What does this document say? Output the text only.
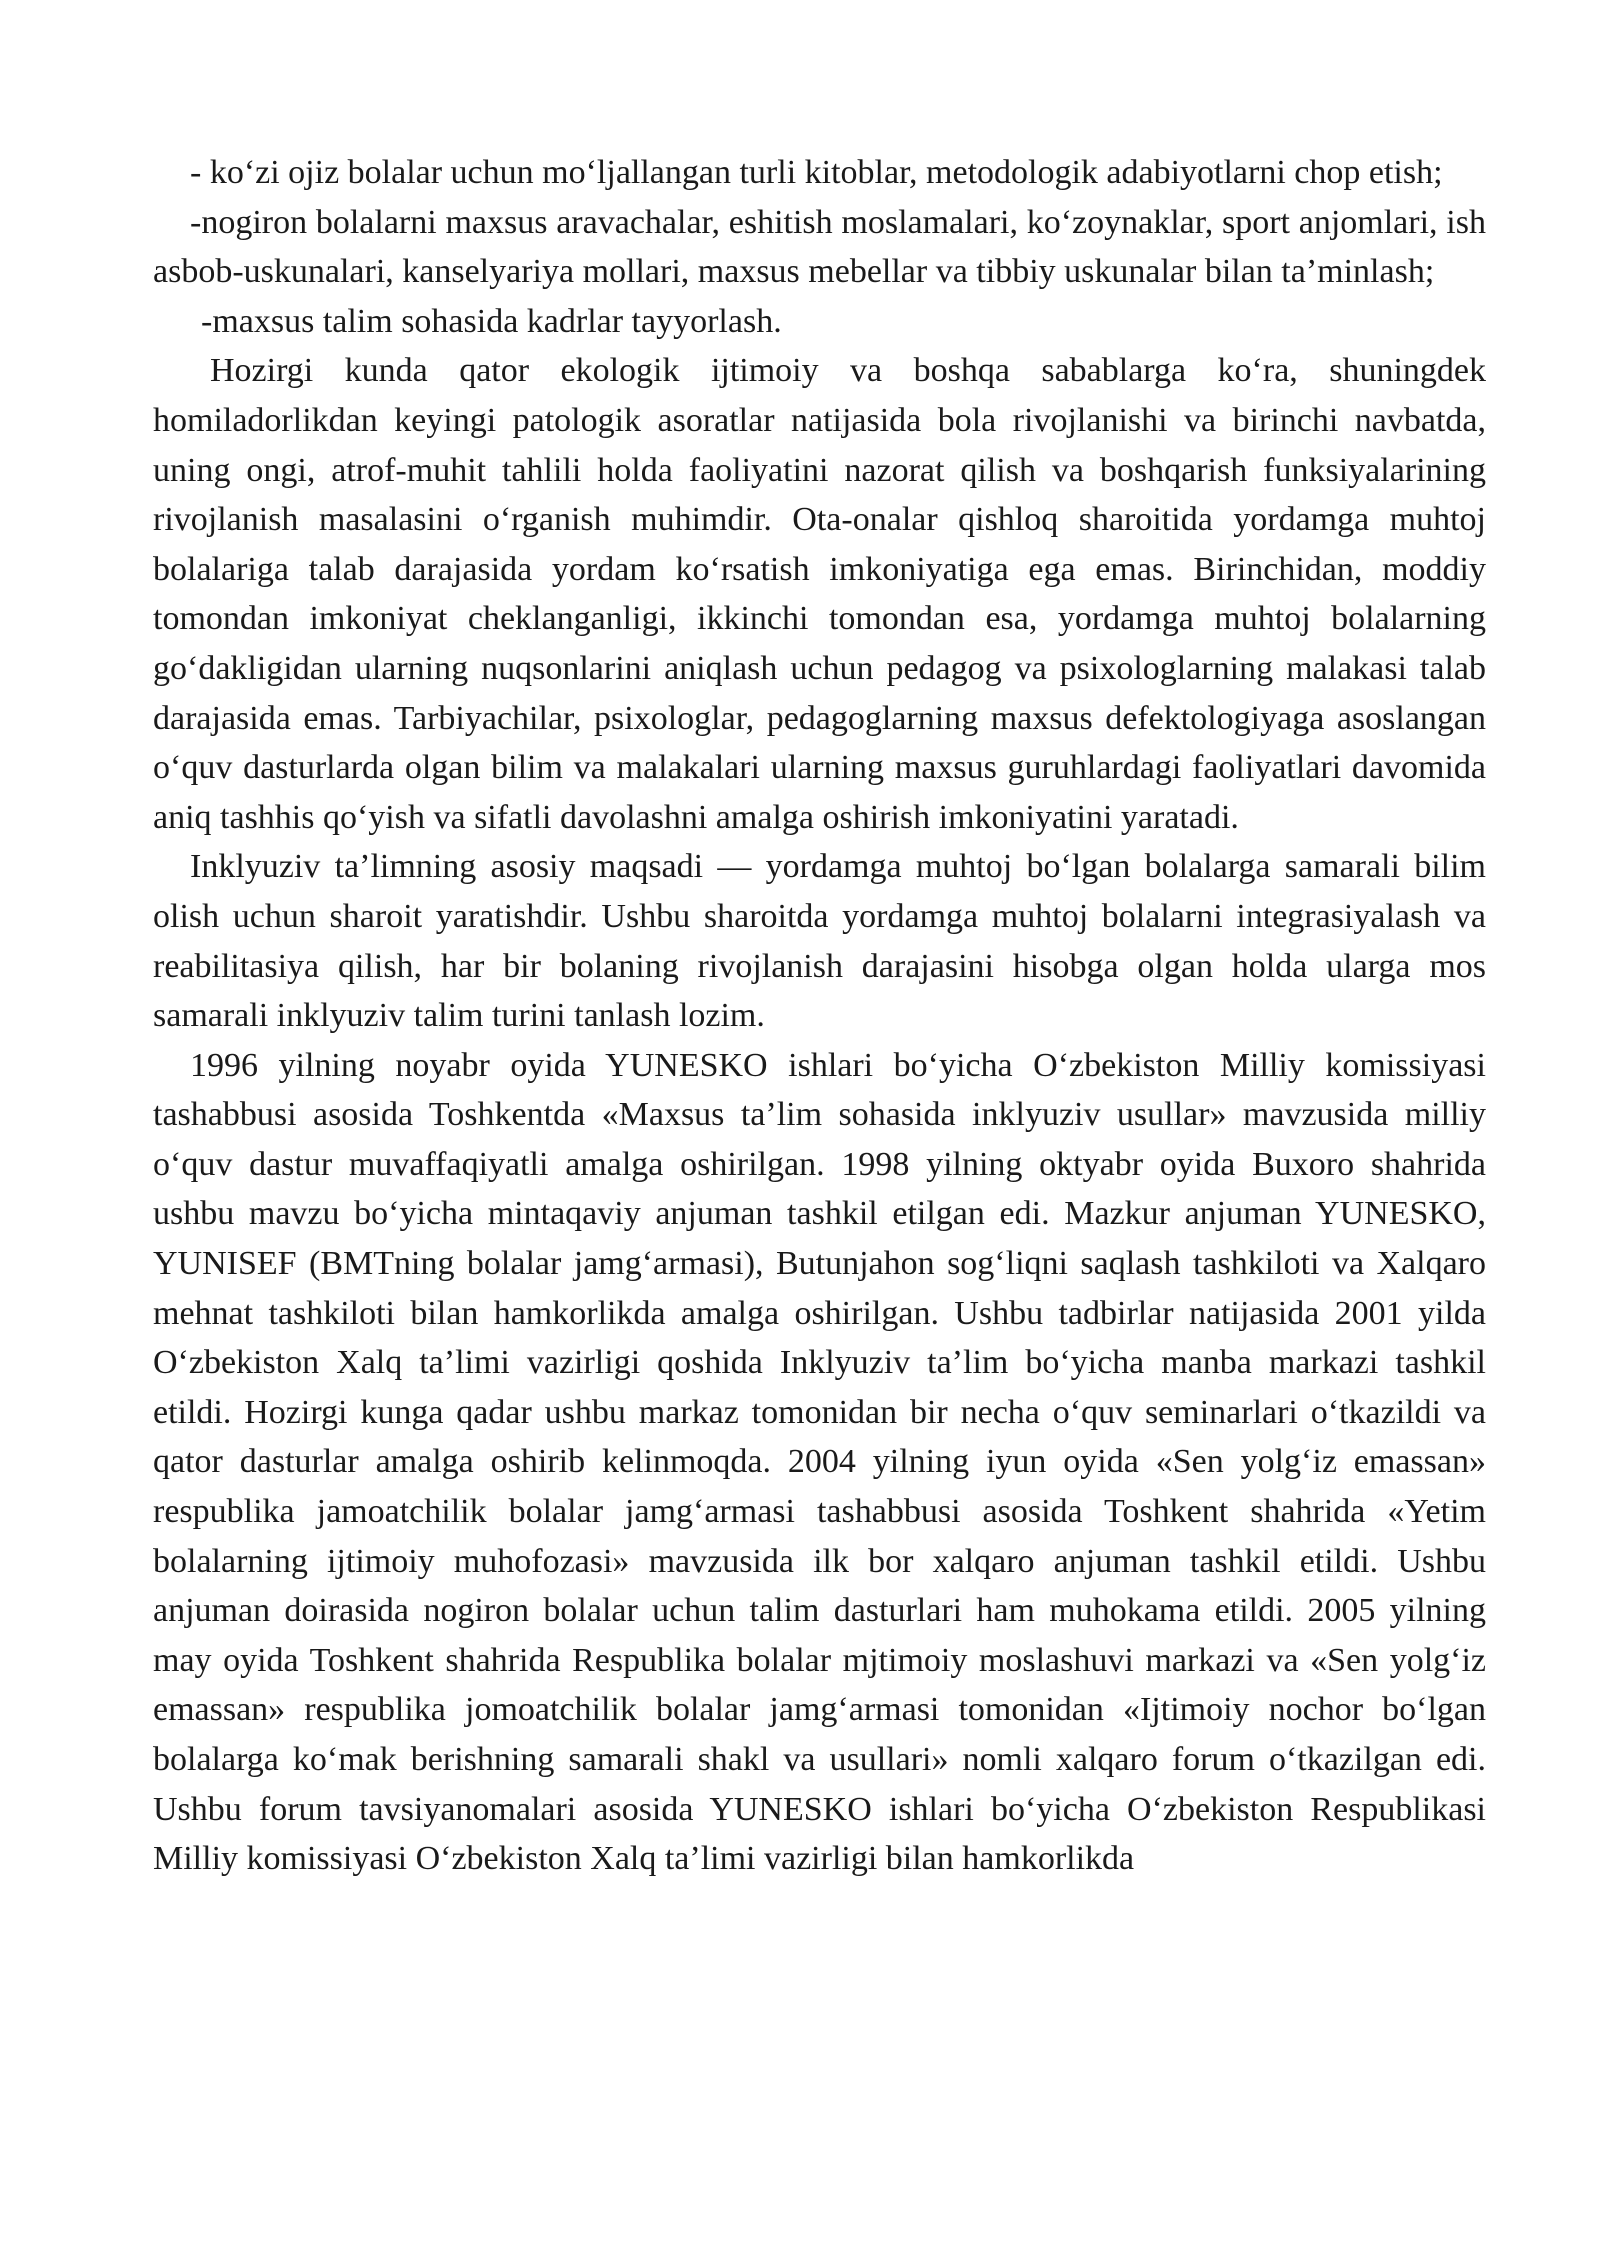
- ko‘zi ojiz bolalar uchun mo‘ljallangan turli kitoblar, metodologik adabiyotlarni chop etish;

-nogiron bolalarni maxsus aravachalar, eshitish moslamalari, ko‘zoynaklar, sport anjomlari, ish asbob-uskunalari, kanselyariya mollari, maxsus mebellar va tibbiy uskunalar bilan ta’minlash;

-maxsus talim sohasida kadrlar tayyorlash.

Hozirgi kunda qator ekologik ijtimoiy va boshqa sabablarga ko‘ra, shuningdek homiladorlikdan keyingi patologik asoratlar natijasida bola rivojlanishi va birinchi navbatda, uning ongi, atrof-muhit tahlili holda faoliyatini nazorat qilish va boshqarish funksiyalarining rivojlanish masalasini o‘rganish muhimdir. Ota-onalar qishloq sharoitida yordamga muhtoj bolalariga talab darajasida yordam ko‘rsatish imkoniyatiga ega emas. Birinchidan, moddiy tomondan imkoniyat cheklanganligi, ikkinchi tomondan esa, yordamga muhtoj bolalarning go‘dakligidan ularning nuqsonlarini aniqlash uchun pedagog va psixologlarning malakasi talab darajasida emas. Tarbiyachilar, psixologlar, pedagoglarning maxsus defektologiyaga asoslangan o‘quv dasturlarda olgan bilim va malakalari ularning maxsus guruhlardagi faoliyatlari davomida aniq tashhis qo‘yish va sifatli davolashni amalga oshirish imkoniyatini yaratadi.

Inklyuziv ta’limning asosiy maqsadi — yordamga muhtoj bo‘lgan bolalarga samarali bilim olish uchun sharoit yaratishdir. Ushbu sharoitda yordamga muhtoj bolalarni integrasiyalash va reabilitasiya qilish, har bir bolaning rivojlanish darajasini hisobga olgan holda ularga mos samarali inklyuziv talim turini tanlash lozim.

1996 yilning noyabr oyida YUNESKO ishlari bo‘yicha O‘zbekiston Milliy komissiyasi tashabbusi asosida Toshkentda «Maxsus ta’lim sohasida inklyuziv usullar» mavzusida milliy o‘quv dastur muvaffaqiyatli amalga oshirilgan. 1998 yilning oktyabr oyida Buxoro shahrida ushbu mavzu bo‘yicha mintaqaviy anjuman tashkil etilgan edi. Mazkur anjuman YUNESKO, YUNISEF (BMTning bolalar jamg‘armasi), Butunjahon sog‘liqni saqlash tashkiloti va Xalqaro mehnat tashkiloti bilan hamkorlikda amalga oshirilgan. Ushbu tadbirlar natijasida 2001 yilda O‘zbekiston Xalq ta’limi vazirligi qoshida Inklyuziv ta’lim bo‘yicha manba markazi tashkil etildi. Hozirgi kunga qadar ushbu markaz tomonidan bir necha o‘quv seminarlari o‘tkazildi va qator dasturlar amalga oshirib kelinmoqda. 2004 yilning iyun oyida «Sen yolg‘iz emassan» respublika jamoatchilik bolalar jamg‘armasi tashabbusi asosida Toshkent shahrida «Yetim bolalarning ijtimoiy muhofozasi» mavzusida ilk bor xalqaro anjuman tashkil etildi. Ushbu anjuman doirasida nogiron bolalar uchun talim dasturlari ham muhokama etildi. 2005 yilning may oyida Toshkent shahrida Respublika bolalar mjtimoiy moslashuvi markazi va «Sen yolg‘iz emassan» respublika jomoatchilik bolalar jamg‘armasi tomonidan «Ijtimoiy nochor bo‘lgan bolalarga ko‘mak berishning samarali shakl va usullari» nomli xalqaro forum o‘tkazilgan edi. Ushbu forum tavsiyanomalari asosida YUNESKO ishlari bo‘yicha O‘zbekiston Respublikasi Milliy komissiyasi O‘zbekiston Xalq ta’limi vazirligi bilan hamkorlikda
